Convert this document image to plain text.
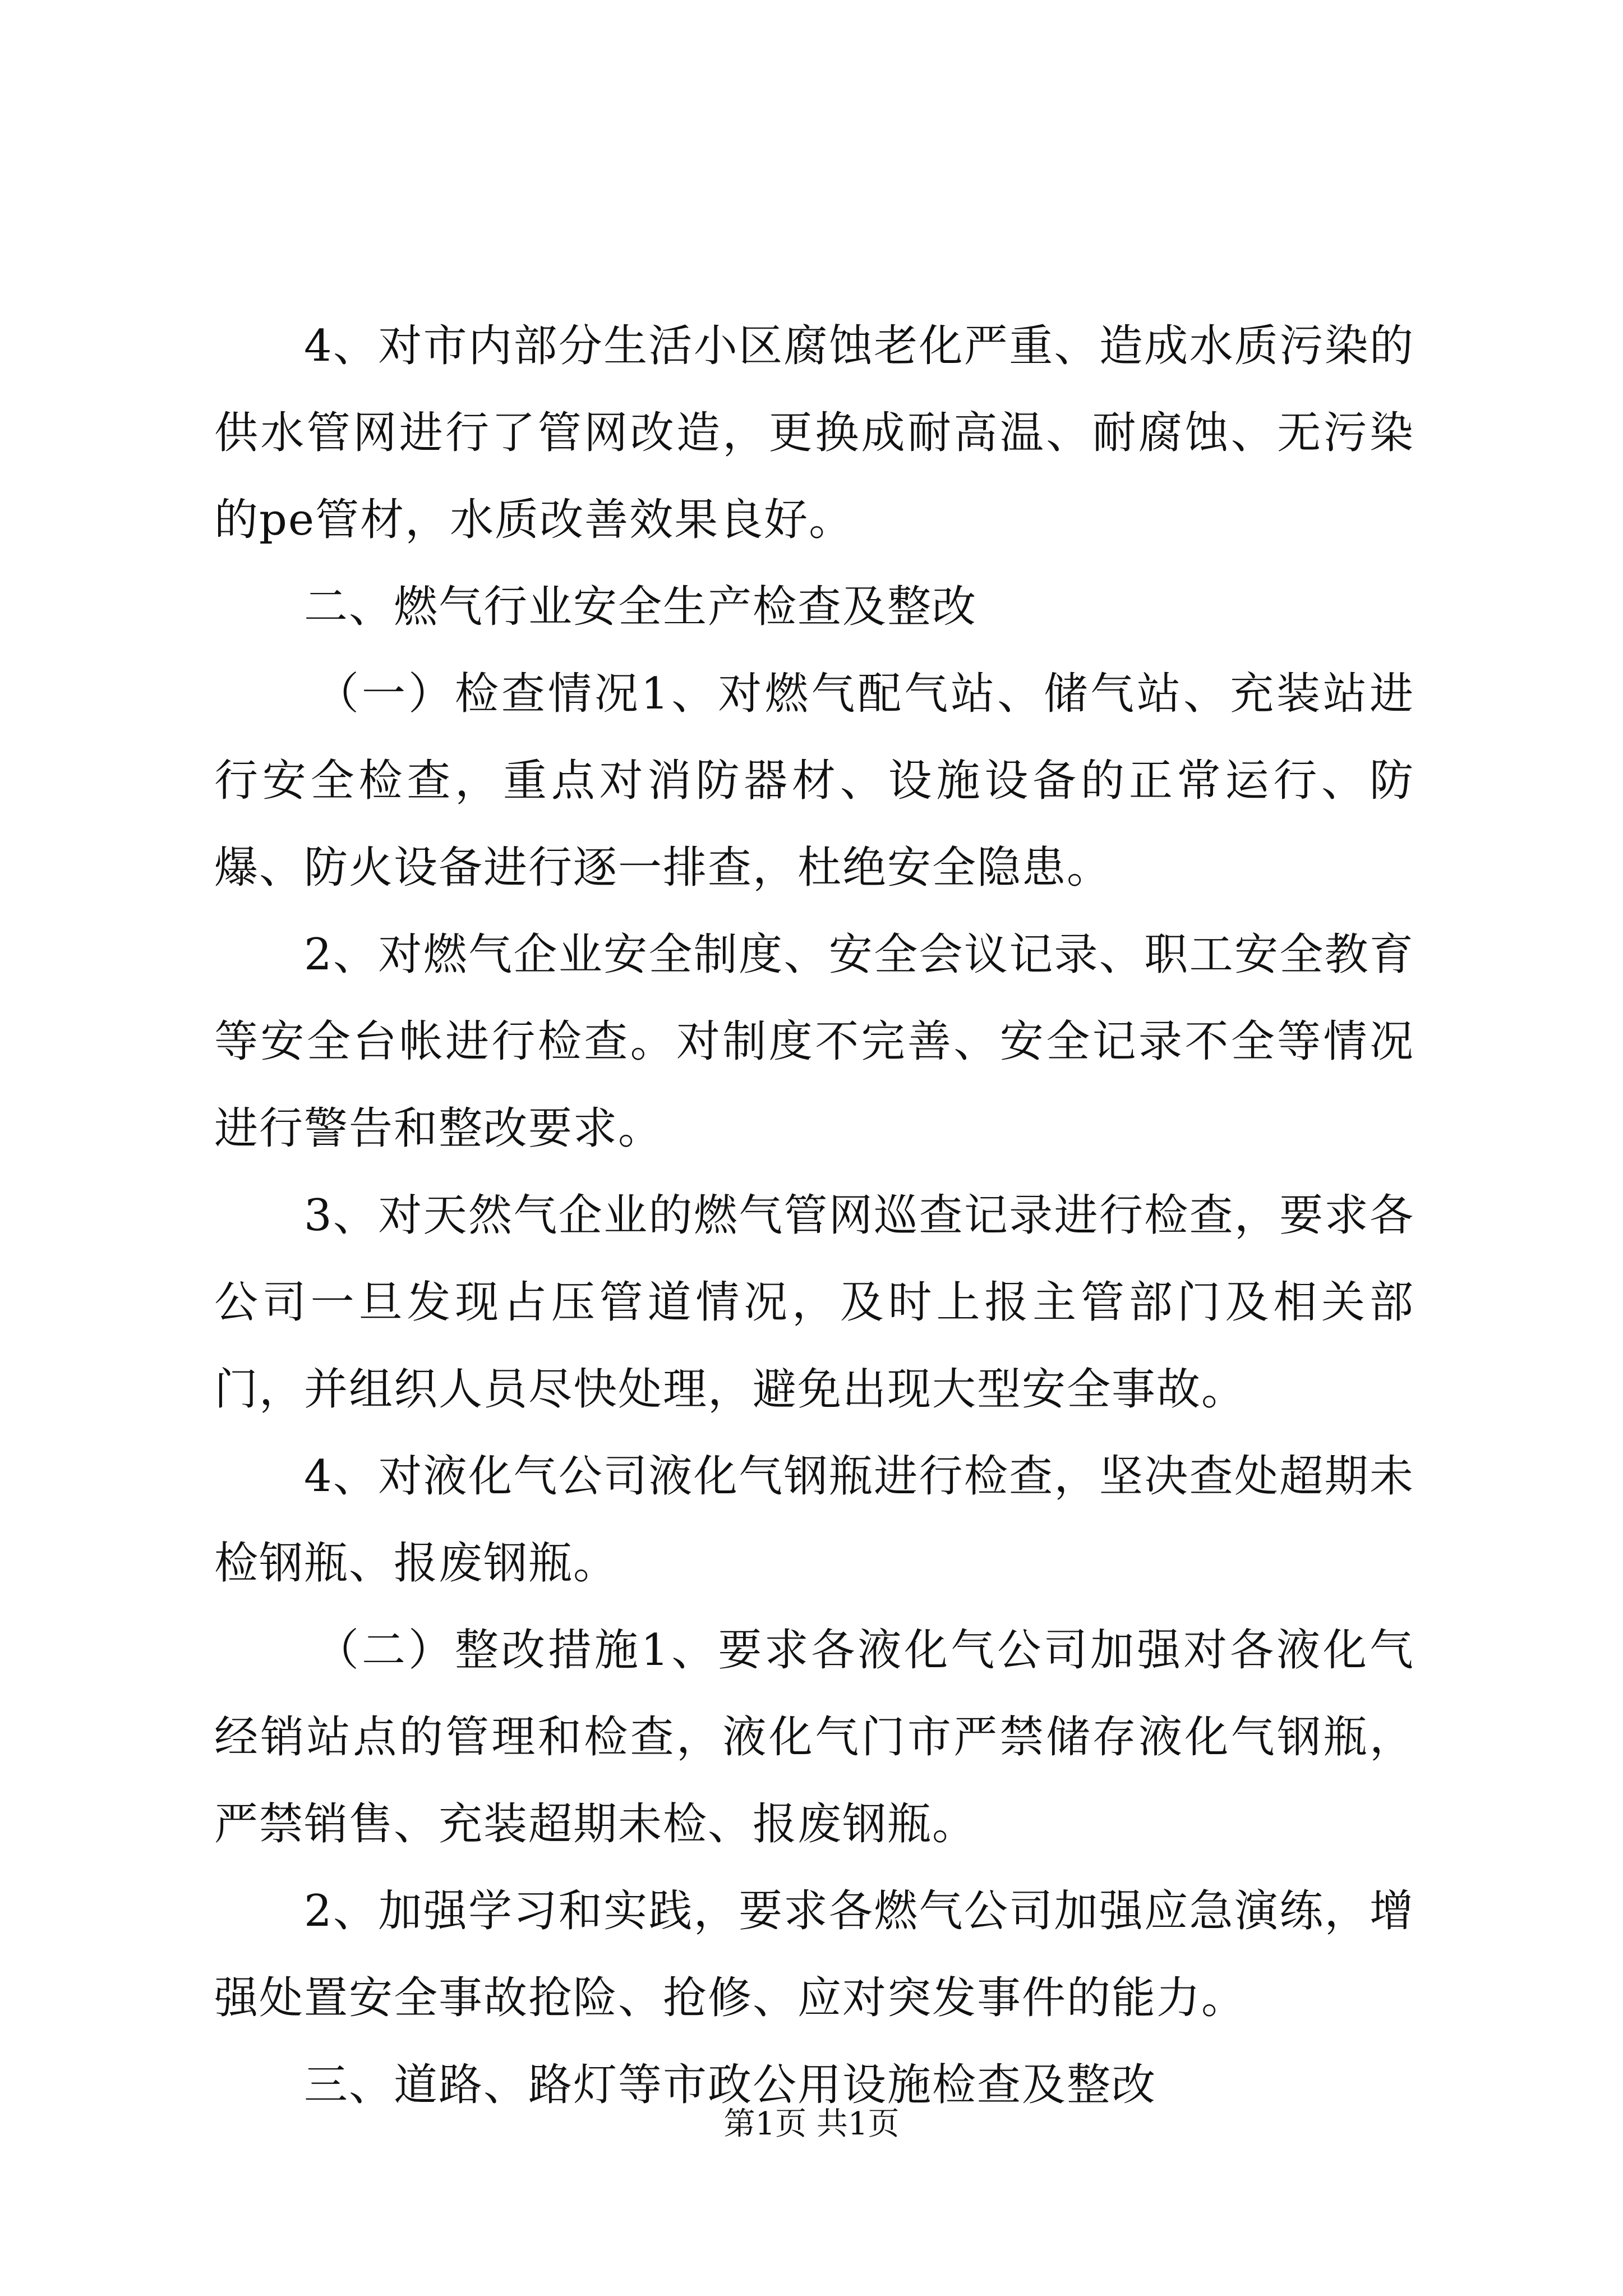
4、对市内部分生活小区腐蚀老化严重、造成水质污染的供水管网进行了管网改造，更换成耐高温、耐腐蚀、无污染的pe管材，水质改善效果良好。

二、燃气行业安全生产检查及整改

（一）检查情况1、对燃气配气站、储气站、充装站进行安全检查，重点对消防器材、设施设备的正常运行、防爆、防火设备进行逐一排查，杜绝安全隐患。

2、对燃气企业安全制度、安全会议记录、职工安全教育等安全台帐进行检查。对制度不完善、安全记录不全等情况进行警告和整改要求。

3、对天然气企业的燃气管网巡查记录进行检查，要求各公司一旦发现占压管道情况，及时上报主管部门及相关部门，并组织人员尽快处理，避免出现大型安全事故。

4、对液化气公司液化气钢瓶进行检查，坚决查处超期未检钢瓶、报废钢瓶。

（二）整改措施1、要求各液化气公司加强对各液化气经销站点的管理和检查，液化气门市严禁储存液化气钢瓶，严禁销售、充装超期未检、报废钢瓶。

2、加强学习和实践，要求各燃气公司加强应急演练，增强处置安全事故抢险、抢修、应对突发事件的能力。

三、道路、路灯等市政公用设施检查及整改

第1页 共1页
